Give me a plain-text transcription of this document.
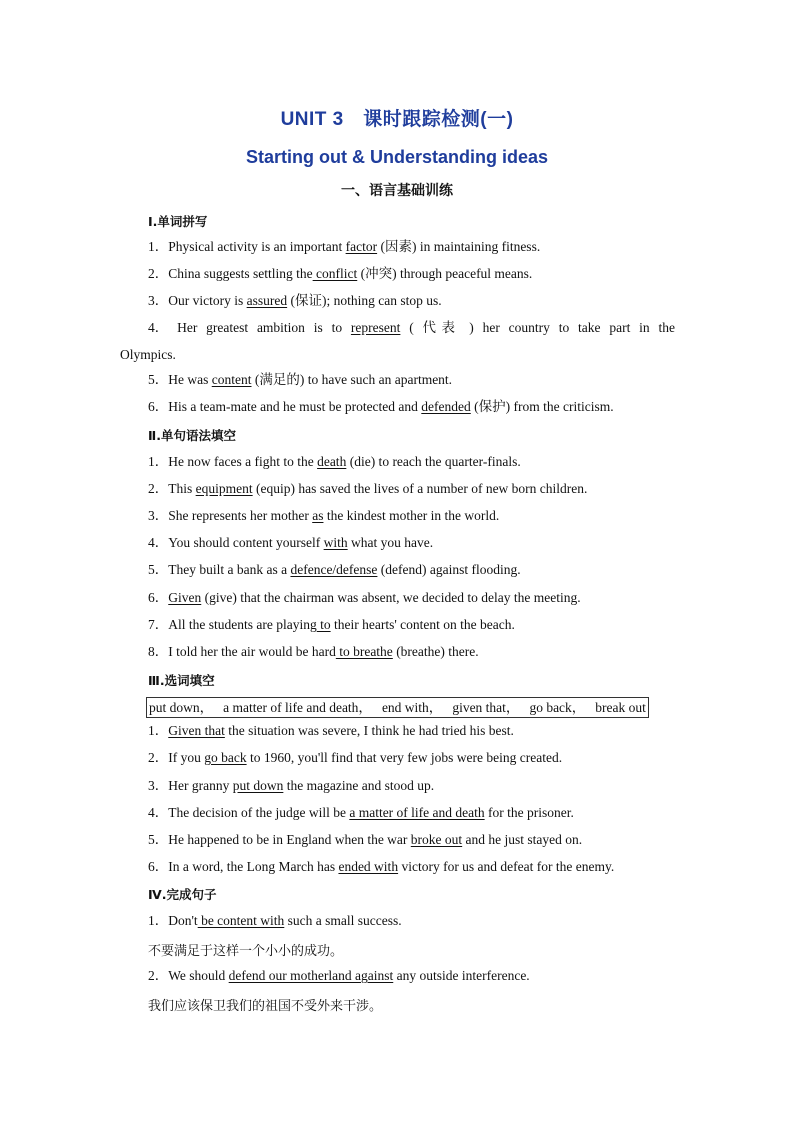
UNIT 3　课时跟踪检测(一)
Starting out & Understanding ideas
一、语言基础训练
Ⅰ.单词拼写
1．Physical activity is an important factor (因素) in maintaining fitness.
2．China suggests settling the conflict (冲突) through peaceful means.
3．Our victory is assured (保证); nothing can stop us.
4． Her greatest ambition is to represent ( 代表 ) her country to take part in the
Olympics.
5．He was content (满足的) to have such an apartment.
6．His a team-mate and he must be protected and defended (保护) from the criticism.
Ⅱ.单句语法填空
1．He now faces a fight to the death (die) to reach the quarter-finals.
2．This equipment (equip) has saved the lives of a number of new born children.
3．She represents her mother as the kindest mother in the world.
4．You should content yourself with what you have.
5．They built a bank as a defence/defense (defend) against flooding.
6．Given (give) that the chairman was absent, we decided to delay the meeting.
7．All the students are playing to their hearts' content on the beach.
8．I told her the air would be hard to breathe (breathe) there.
Ⅲ.选词填空
put down， a matter of life and death， end with， given that， go back， break out
1．Given that the situation was severe, I think he had tried his best.
2．If you go back to 1960, you'll find that very few jobs were being created.
3．Her granny put down the magazine and stood up.
4．The decision of the judge will be a matter of life and death for the prisoner.
5．He happened to be in England when the war broke out and he just stayed on.
6．In a word, the Long March has ended with victory for us and defeat for the enemy.
Ⅳ.完成句子
1．Don't be content with such a small success.
不要满足于这样一个小小的成功。
2．We should defend our motherland against any outside interference.
我们应该保卫我们的祖国不受外来干涉。
